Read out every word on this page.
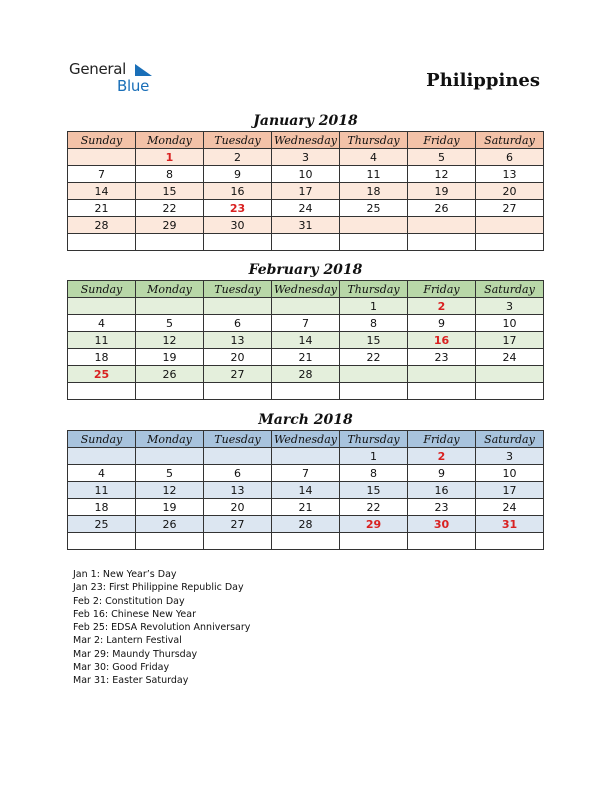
General
Blue	Philippines
January 2018
Sunday	Monday	Tuesday	Wednesday	Thursday	Friday	Saturday
	1	2	3	4	5	6
7	8	9	10	11	12	13
14	15	16	17	18	19	20
21	22	23	24	25	26	27
28	29	30	31			

February 2018
Sunday	Monday	Tuesday	Wednesday	Thursday	Friday	Saturday
				1	2	3
4	5	6	7	8	9	10
11	12	13	14	15	16	17
18	19	20	21	22	23	24
25	26	27	28			

March 2018
Sunday	Monday	Tuesday	Wednesday	Thursday	Friday	Saturday
				1	2	3
4	5	6	7	8	9	10
11	12	13	14	15	16	17
18	19	20	21	22	23	24
25	26	27	28	29	30	31

Jan 1: New Year’s Day
Jan 23: First Philippine Republic Day
Feb 2: Constitution Day
Feb 16: Chinese New Year
Feb 25: EDSA Revolution Anniversary
Mar 2: Lantern Festival
Mar 29: Maundy Thursday
Mar 30: Good Friday
Mar 31: Easter Saturday
